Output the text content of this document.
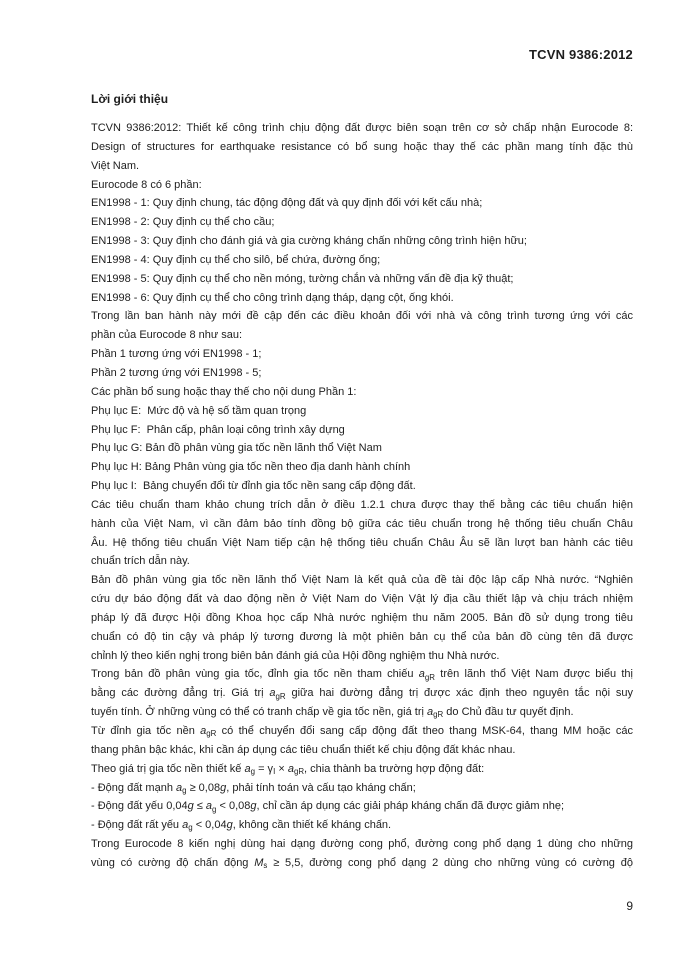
TCVN 9386:2012
Lời giới thiệu
TCVN 9386:2012: Thiết kế công trình chịu động đất được biên soạn trên cơ sở chấp nhận Eurocode 8:
Design of structures for earthquake resistance có bổ sung hoặc thay thế các phần mang tính đặc thù
Việt Nam.
Eurocode 8 có 6 phần:
EN1998 - 1: Quy định chung, tác động động đất và quy định đối với kết cấu nhà;
EN1998 - 2: Quy định cụ thể cho cầu;
EN1998 - 3: Quy định cho đánh giá và gia cường kháng chấn những công trình hiện hữu;
EN1998 - 4: Quy định cụ thể cho silô, bể chứa, đường ống;
EN1998 - 5: Quy định cụ thể cho nền móng, tường chắn và những vấn đề địa kỹ thuật;
EN1998 - 6: Quy định cụ thể cho công trình dạng tháp, dạng cột, ống khói.
Trong lần ban hành này mới đề cập đến các điều khoản đối với nhà và công trình tương ứng với các
phần của Eurocode 8 như sau:
Phần 1 tương ứng với EN1998 - 1;
Phần 2 tương ứng với EN1998 - 5;
Các phần bổ sung hoặc thay thế cho nội dung Phần 1:
Phụ lục E:  Mức độ và hệ số tầm quan trọng
Phụ lục F:  Phân cấp, phân loại công trình xây dựng
Phụ lục G: Bản đồ phân vùng gia tốc nền lãnh thổ Việt Nam
Phụ lục H: Bảng Phân vùng gia tốc nền theo địa danh hành chính
Phụ lục I:  Bảng chuyển đổi từ đỉnh gia tốc nền sang cấp động đất.
Các tiêu chuẩn tham khảo chung trích dẫn ở điều 1.2.1 chưa được thay thế bằng các tiêu chuẩn hiện
hành của Việt Nam, vì cần đảm bảo tính đồng bộ giữa các tiêu chuẩn trong hệ thống tiêu chuẩn Châu
Âu. Hệ thống tiêu chuẩn Việt Nam tiếp cận hệ thống tiêu chuẩn Châu Âu sẽ lần lượt ban hành các tiêu
chuẩn trích dẫn này.
Bản đồ phân vùng gia tốc nền lãnh thổ Việt Nam là kết quả của đề tài độc lập cấp Nhà nước. “Nghiên
cứu dự báo động đất và dao động nền ở Việt Nam do Viện Vật lý địa cầu thiết lập và chịu trách nhiệm
pháp lý đã được Hội đồng Khoa học cấp Nhà nước nghiệm thu năm 2005. Bản đồ sử dụng trong tiêu
chuẩn có độ tin cậy và pháp lý tương đương là một phiên bản cụ thể của bản đồ cùng tên đã được
chỉnh lý theo kiến nghị trong biên bản đánh giá của Hội đồng nghiệm thu Nhà nước.
Trong bản đồ phân vùng gia tốc, đỉnh gia tốc nền tham chiếu $a_{gR}$ trên lãnh thổ Việt Nam được biểu thị
bằng các đường đẳng trị. Giá trị $a_{gR}$ giữa hai đường đẳng trị được xác định theo nguyên tắc nội suy
tuyến tính. Ở những vùng có thể có tranh chấp về gia tốc nền, giá trị $a_{gR}$ do Chủ đầu tư quyết định.
Từ đỉnh gia tốc nền $a_{gR}$ có thể chuyển đổi sang cấp động đất theo thang MSK-64, thang MM hoặc các
thang phân bậc khác, khi cần áp dụng các tiêu chuẩn thiết kế chịu động đất khác nhau.
Theo giá trị gia tốc nền thiết kế $a_g = \gamma_I \times a_{gR}$, chia thành ba trường hợp động đất:
- Động đất mạnh $a_g \ge 0,08g$, phải tính toán và cấu tạo kháng chấn;
- Động đất yếu $0,04g \le a_g < 0,08g$, chỉ cần áp dụng các giải pháp kháng chấn đã được giảm nhẹ;
- Động đất rất yếu $a_g < 0,04g$, không cần thiết kế kháng chấn.
Trong Eurocode 8 kiến nghị dùng hai dạng đường cong phổ, đường cong phổ dạng 1 dùng cho những
vùng có cường độ chấn động $M_s \ge 5,5$, đường cong phổ dạng 2 dùng cho những vùng có cường độ
9
